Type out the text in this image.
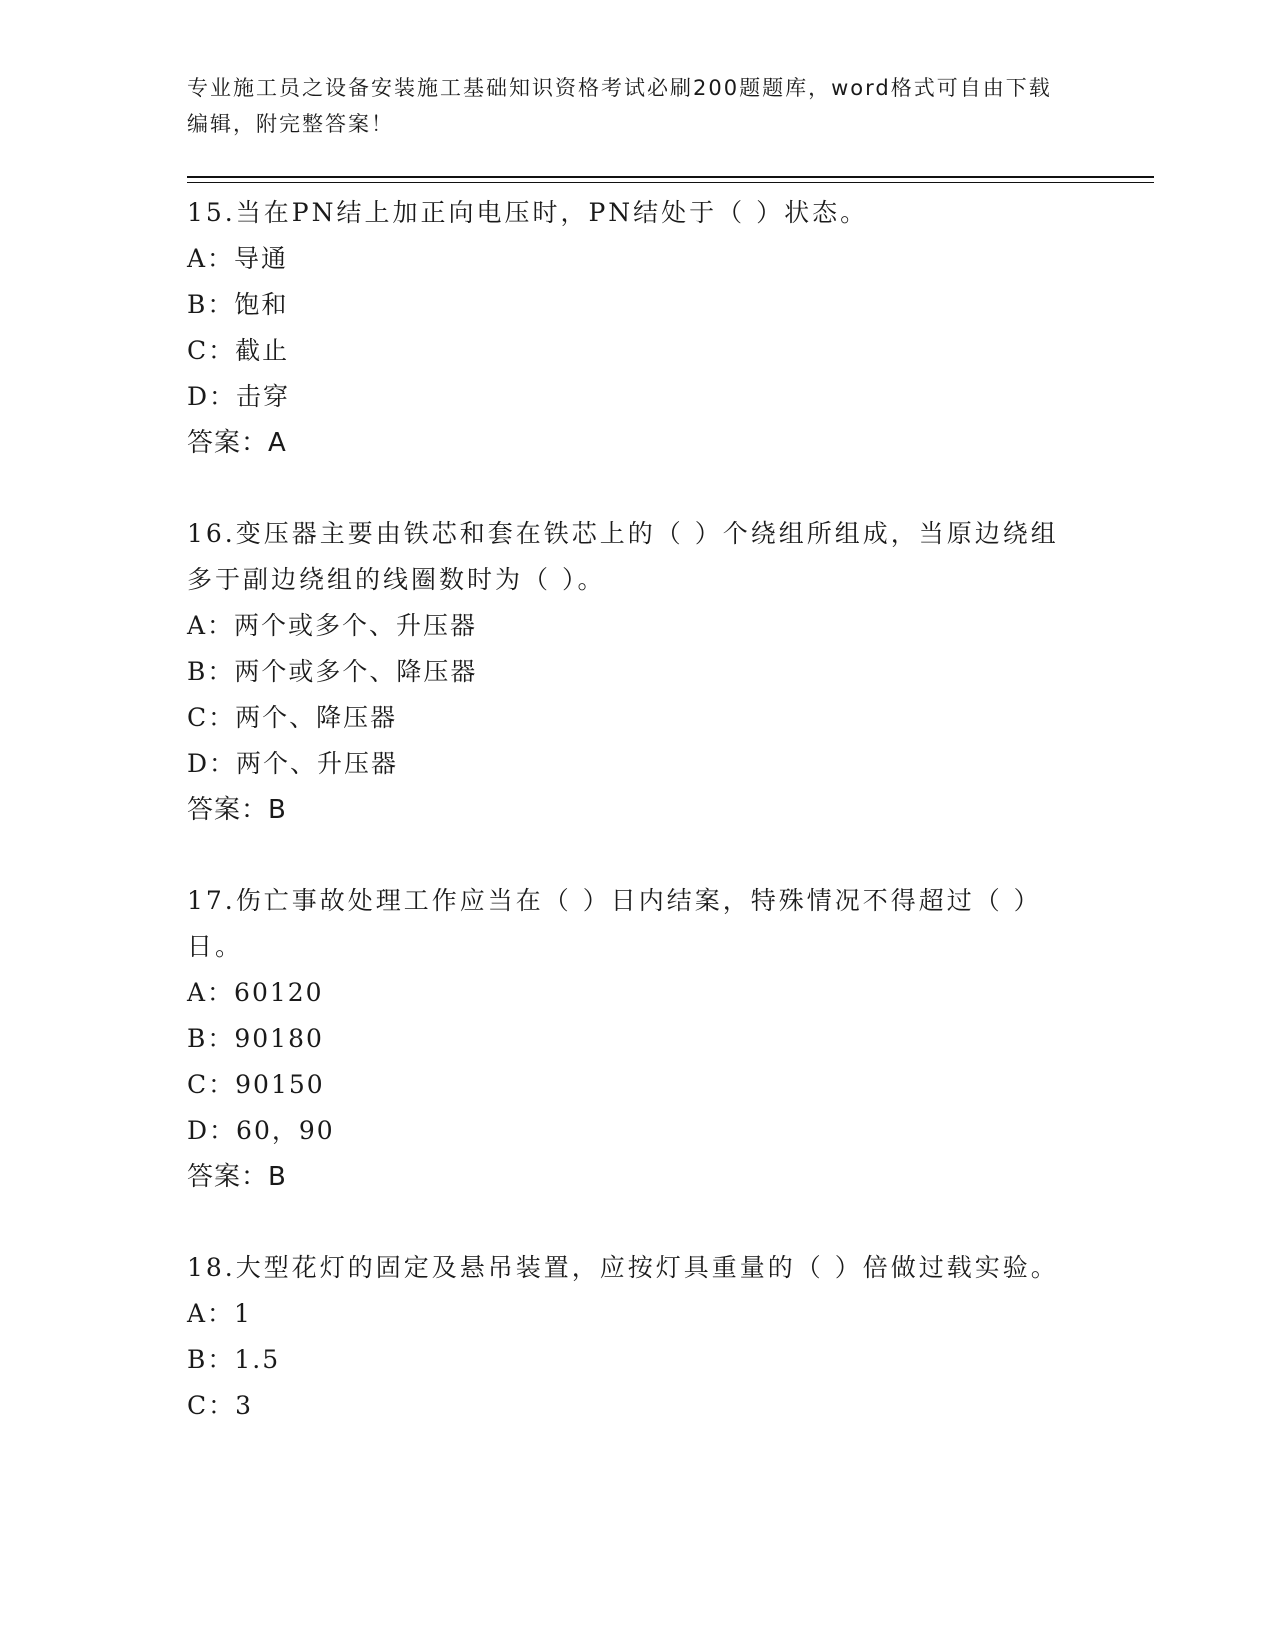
专业施工员之设备安装施工基础知识资格考试必刷200题题库，word格式可自由下载编辑，附完整答案！
15.当在PN结上加正向电压时，PN结处于（ ）状态。
A：导通
B：饱和
C：截止
D：击穿
答案：A
16.变压器主要由铁芯和套在铁芯上的（ ）个绕组所组成，当原边绕组多于副边绕组的线圈数时为（ ）。
A：两个或多个、升压器
B：两个或多个、降压器
C：两个、降压器
D：两个、升压器
答案：B
17.伤亡事故处理工作应当在（ ）日内结案，特殊情况不得超过（ ）日。
A：60120
B：90180
C：90150
D：60，90
答案：B
18.大型花灯的固定及悬吊装置，应按灯具重量的（ ）倍做过载实验。
A：1
B：1.5
C：3
